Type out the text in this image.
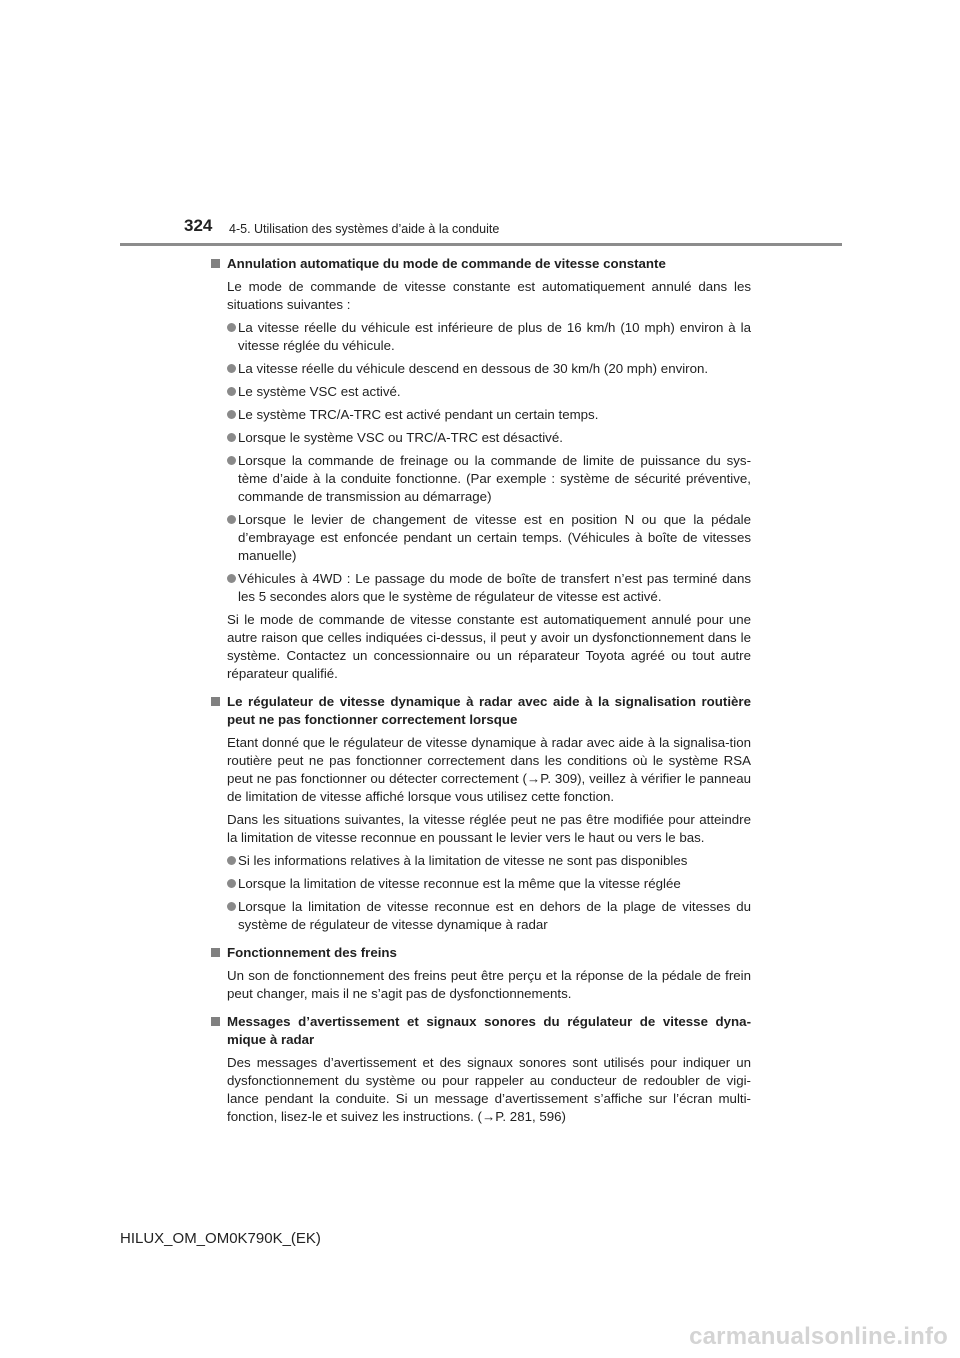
324 4-5. Utilisation des systèmes d’aide à la conduite
Annulation automatique du mode de commande de vitesse constante
Le mode de commande de vitesse constante est automatiquement annulé dans les situations suivantes :
La vitesse réelle du véhicule est inférieure de plus de 16 km/h (10 mph) environ à la vitesse réglée du véhicule.
La vitesse réelle du véhicule descend en dessous de 30 km/h (20 mph) environ.
Le système VSC est activé.
Le système TRC/A-TRC est activé pendant un certain temps.
Lorsque le système VSC ou TRC/A-TRC est désactivé.
Lorsque la commande de freinage ou la commande de limite de puissance du sys-tème d’aide à la conduite fonctionne. (Par exemple : système de sécurité préventive, commande de transmission au démarrage)
Lorsque le levier de changement de vitesse est en position N ou que la pédale d’embrayage est enfoncée pendant un certain temps. (Véhicules à boîte de vitesses manuelle)
Véhicules à 4WD : Le passage du mode de boîte de transfert n’est pas terminé dans les 5 secondes alors que le système de régulateur de vitesse est activé.
Si le mode de commande de vitesse constante est automatiquement annulé pour une autre raison que celles indiquées ci-dessus, il peut y avoir un dysfonctionnement dans le système. Contactez un concessionnaire ou un réparateur Toyota agréé ou tout autre réparateur qualifié.
Le régulateur de vitesse dynamique à radar avec aide à la signalisation routière peut ne pas fonctionner correctement lorsque
Etant donné que le régulateur de vitesse dynamique à radar avec aide à la signalisa-tion routière peut ne pas fonctionner correctement dans les conditions où le système RSA peut ne pas fonctionner ou détecter correctement (→P. 309), veillez à vérifier le panneau de limitation de vitesse affiché lorsque vous utilisez cette fonction.
Dans les situations suivantes, la vitesse réglée peut ne pas être modifiée pour atteindre la limitation de vitesse reconnue en poussant le levier vers le haut ou vers le bas.
Si les informations relatives à la limitation de vitesse ne sont pas disponibles
Lorsque la limitation de vitesse reconnue est la même que la vitesse réglée
Lorsque la limitation de vitesse reconnue est en dehors de la plage de vitesses du système de régulateur de vitesse dynamique à radar
Fonctionnement des freins
Un son de fonctionnement des freins peut être perçu et la réponse de la pédale de frein peut changer, mais il ne s’agit pas de dysfonctionnements.
Messages d’avertissement et signaux sonores du régulateur de vitesse dyna-mique à radar
Des messages d’avertissement et des signaux sonores sont utilisés pour indiquer un dysfonctionnement du système ou pour rappeler au conducteur de redoubler de vigi-lance pendant la conduite. Si un message d’avertissement s’affiche sur l’écran multi-fonction, lisez-le et suivez les instructions. (→P. 281, 596)
HILUX_OM_OM0K790K_(EK)
carmanualsonline.info
